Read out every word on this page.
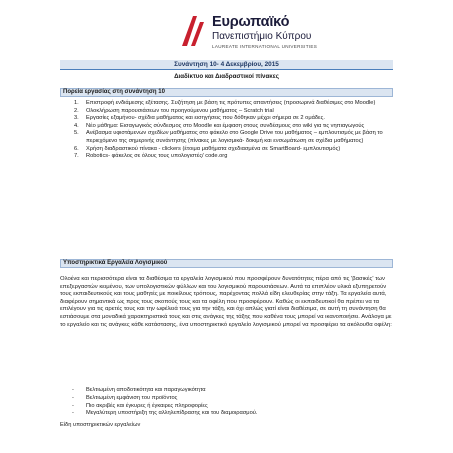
Ευρωπαϊκό
Πανεπιστήμιο Κύπρου
LAUREATE INTERNATIONAL UNIVERSITIES
Συνάντηση 10- 4 Δεκεμβρίου, 2015
Διαδίκτυο και Διαδραστικοί πίνακες
Πορεία εργασίας στη συνάντηση 10
1. Επιστροφή ενδιάμεσης εξέτασης. Συζήτηση με βάση τις πρότυπες απαντήσεις (προσωρινά διαθέσιμες στο Moodle)
2. Ολοκλήρωση παρουσιάσεων του προηγούμενου μαθήματος – Scratch trial
3. Εργασίες εξαμήνου- σχέδια μαθήματος και εισηγήσεις που δόθηκαν μέχρι σήμερα σε 2 ομάδες.
4. Νέο μάθημα: Εισαγωγικός σύνδεσμος στο Moodle και έμφαση στους συνδέσμους στο wiki για τις νηπιαγωγούς
5. Ανέβασμα υφιστάμενων σχεδίων μαθήματος στο φάκελο στο Google Drive του μαθήματος – εμπλουτισμός με βάση το περιεχόμενο της σημερινής συνάντησης (πίνακες με λογισμικά- δοκιμή και ενσωμάτωση σε σχέδια μαθήματος)
6. Χρήση διαδραστικού πίνακα - clickers (έτοιμα μαθήματα σχεδιασμένα σε SmartBoard- εμπλουτισμός)
7. Robotics- φάκελος σε όλους τους υπολογιστές/ code.org
Υποστηρικτικά Εργαλεία Λογισμικού

Ολοένα και περισσότερα είναι τα διαθέσιμα τα εργαλεία λογισμικού που προσφέρουν δυνατότητες πέρα από τις 'βασικές' των επεξεργαστών κειμένου, των υπολογιστικών φύλλων και του λογισμικού παρουσιάσεων. Αυτά τα επιπλέον υλικά εξυπηρετούν τους εκπαιδευτικούς και τους μαθητές με ποικίλους τρόπους, παρέχοντας πολλά είδη ελευθερίας στην τάξη. Τα εργαλεία αυτά, διαφέρουν σημαντικά ως προς τους σκοπούς τους και τα οφέλη που προσφέρουν. Καθώς οι εκπαιδευτικοί θα πρέπει να τα επιλέγουν για τις αρετές τους και την ωφέλειά τους για την τάξη, και όχι απλώς γιατί είναι διαθέσιμα, σε αυτή τη συνάντηση θα εστιάσουμε στα μοναδικά χαρακτηριστικά τους και στις ανάγκες της τάξης που καθένα τους μπορεί να ικανοποιήσει. Ανάλογα με το εργαλείο και τις ανάγκες κάθε κατάστασης, ένα υποστηρικτικό εργαλείο λογισμικού μπορεί να προσφέρει τα ακόλουθα οφέλη:

- Βελτιωμένη αποδοτικότητα και παραγωγικότητα
- Βελτιωμένη εμφάνιση του προϊόντος
- Πιο ακριβές και έγκυρες ή έγκαιρες πληροφορίες
- Μεγαλύτερη υποστήριξη της αλληλεπίδρασης και του διαμοιρασμού.
Είδη υποστηρικτικών εργαλείων
